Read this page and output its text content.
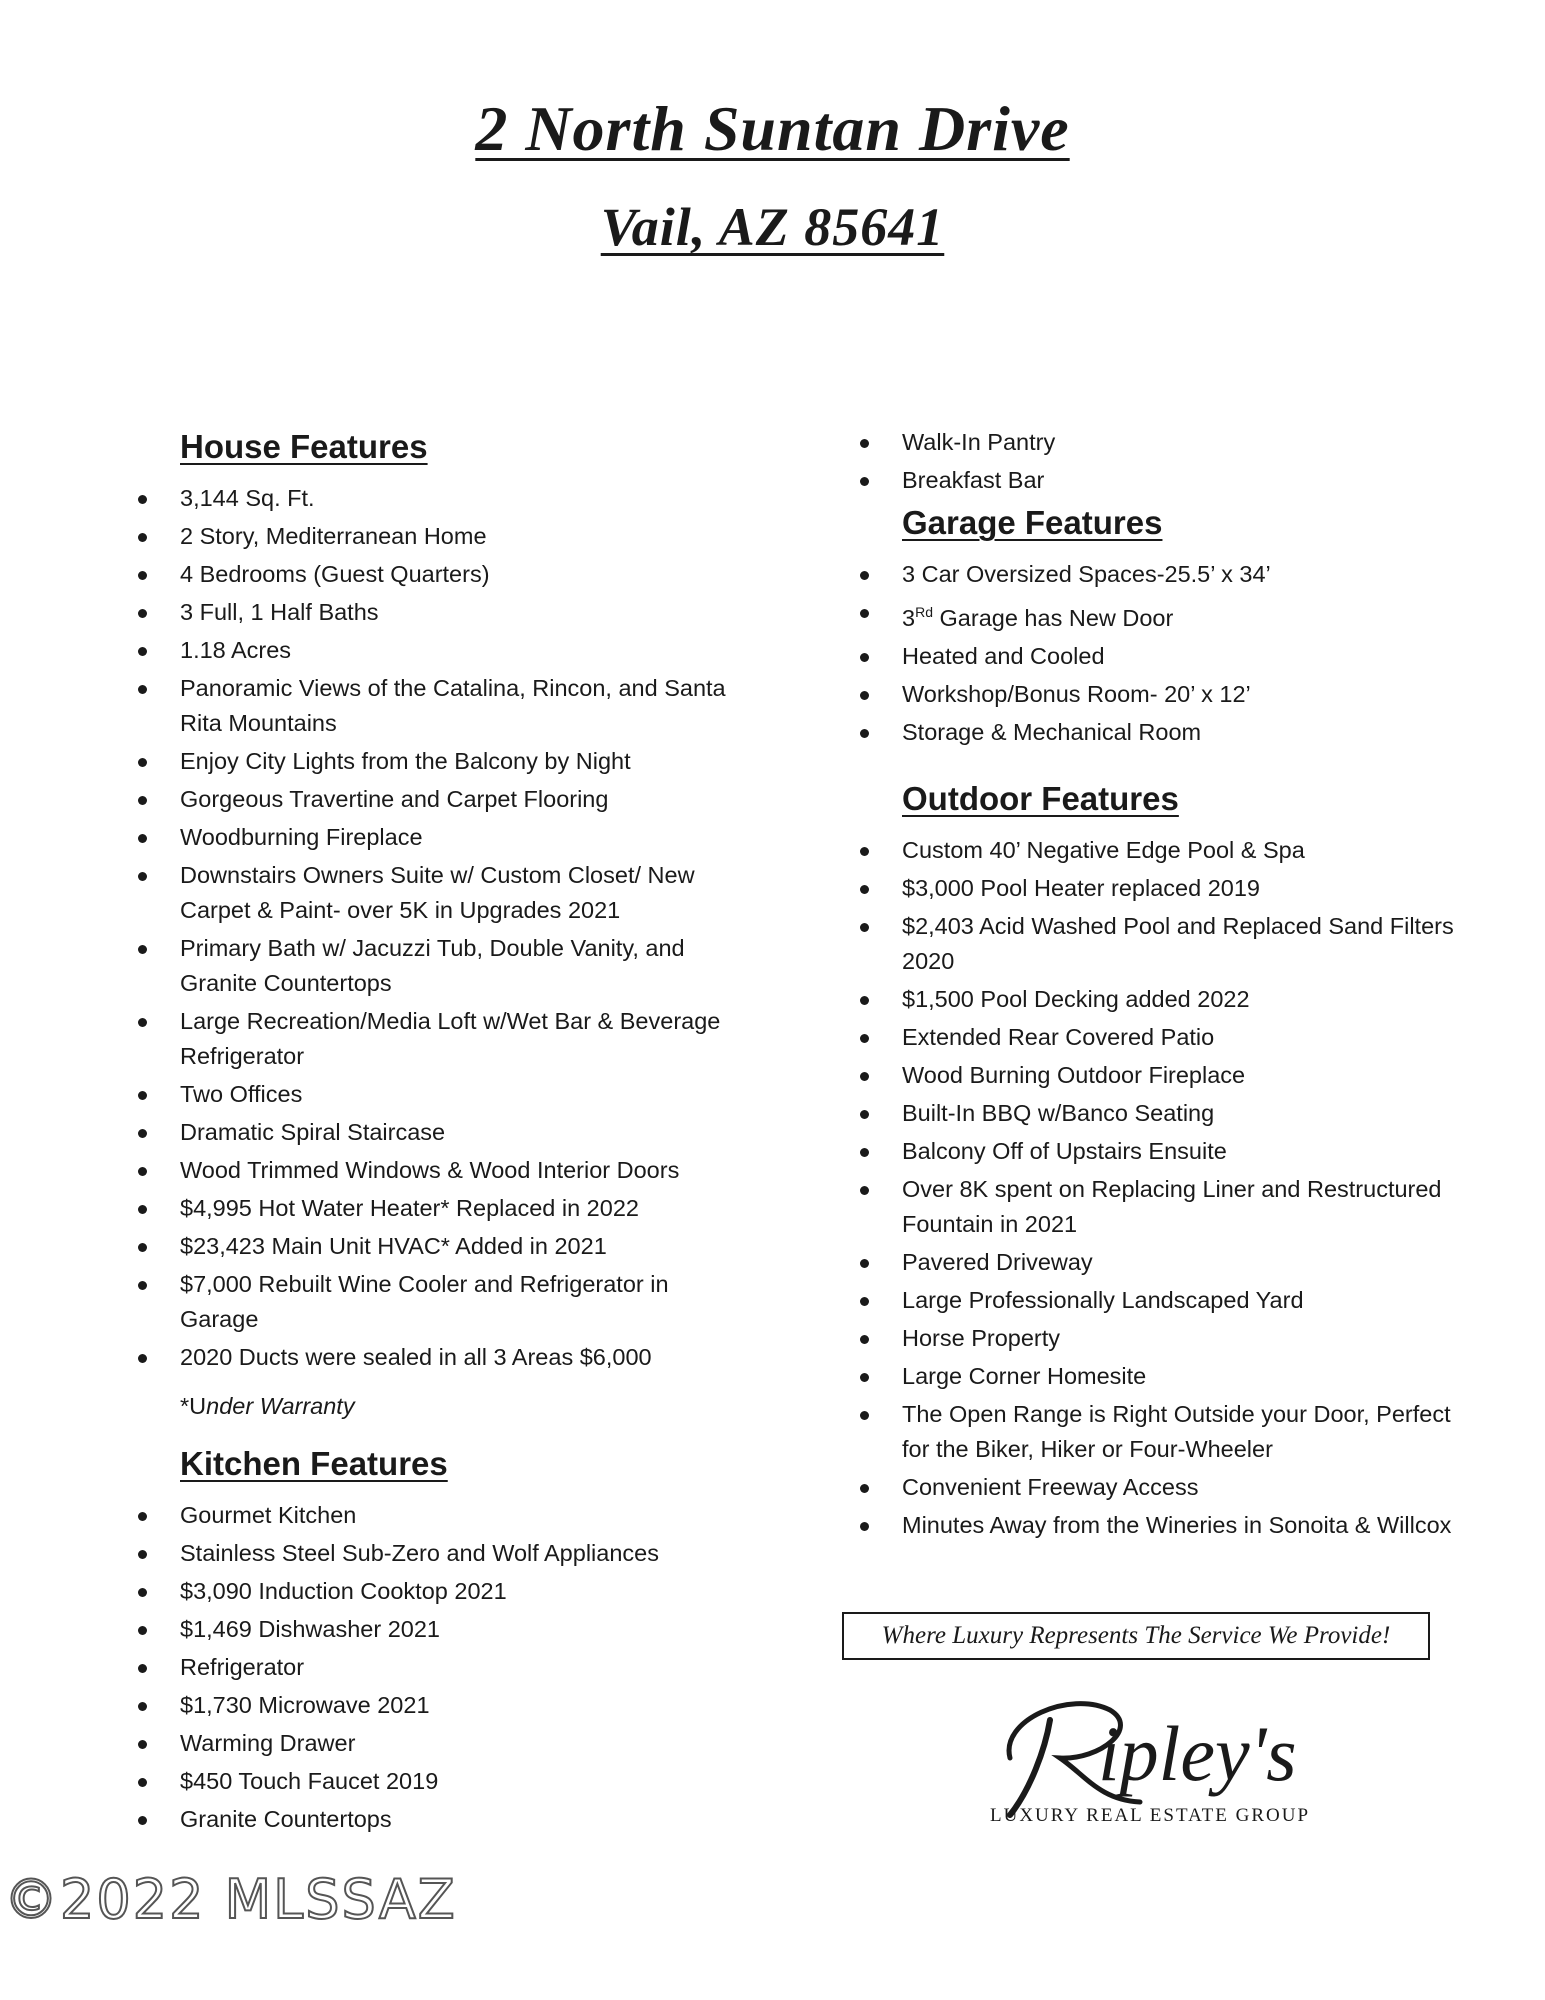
2 North Suntan Drive
Vail, AZ 85641
House Features
3,144 Sq. Ft.
2 Story, Mediterranean Home
4 Bedrooms (Guest Quarters)
3 Full, 1 Half Baths
1.18 Acres
Panoramic Views of the Catalina, Rincon, and Santa Rita Mountains
Enjoy City Lights from the Balcony by Night
Gorgeous Travertine and Carpet Flooring
Woodburning Fireplace
Downstairs Owners Suite w/ Custom Closet/ New Carpet & Paint- over 5K in Upgrades 2021
Primary Bath w/ Jacuzzi Tub, Double Vanity, and Granite Countertops
Large Recreation/Media Loft w/Wet Bar & Beverage Refrigerator
Two Offices
Dramatic Spiral Staircase
Wood Trimmed Windows & Wood Interior Doors
$4,995 Hot Water Heater* Replaced in 2022
$23,423 Main Unit HVAC* Added in 2021
$7,000 Rebuilt Wine Cooler and Refrigerator in Garage
2020 Ducts were sealed in all 3 Areas $6,000
*Under Warranty
Kitchen Features
Gourmet Kitchen
Stainless Steel Sub-Zero and Wolf Appliances
$3,090 Induction Cooktop 2021
$1,469 Dishwasher 2021
Refrigerator
$1,730 Microwave 2021
Warming Drawer
$450 Touch Faucet 2019
Granite Countertops
Walk-In Pantry
Breakfast Bar
Garage Features
3 Car Oversized Spaces-25.5’ x 34’
3Rd Garage has New Door
Heated and Cooled
Workshop/Bonus Room- 20’ x 12’
Storage & Mechanical Room
Outdoor Features
Custom 40’ Negative Edge Pool & Spa
$3,000 Pool Heater replaced 2019
$2,403 Acid Washed Pool and Replaced Sand Filters 2020
$1,500 Pool Decking added 2022
Extended Rear Covered Patio
Wood Burning Outdoor Fireplace
Built-In BBQ w/Banco Seating
Balcony Off of Upstairs Ensuite
Over 8K spent on Replacing Liner and Restructured Fountain in 2021
Pavered Driveway
Large Professionally Landscaped Yard
Horse Property
Large Corner Homesite
The Open Range is Right Outside your Door, Perfect for the Biker, Hiker or Four-Wheeler
Convenient Freeway Access
Minutes Away from the Wineries in Sonoita & Willcox
Where Luxury Represents The Service We Provide!
ipley's
LUXURY REAL ESTATE GROUP
©2022 MLSSAZ
